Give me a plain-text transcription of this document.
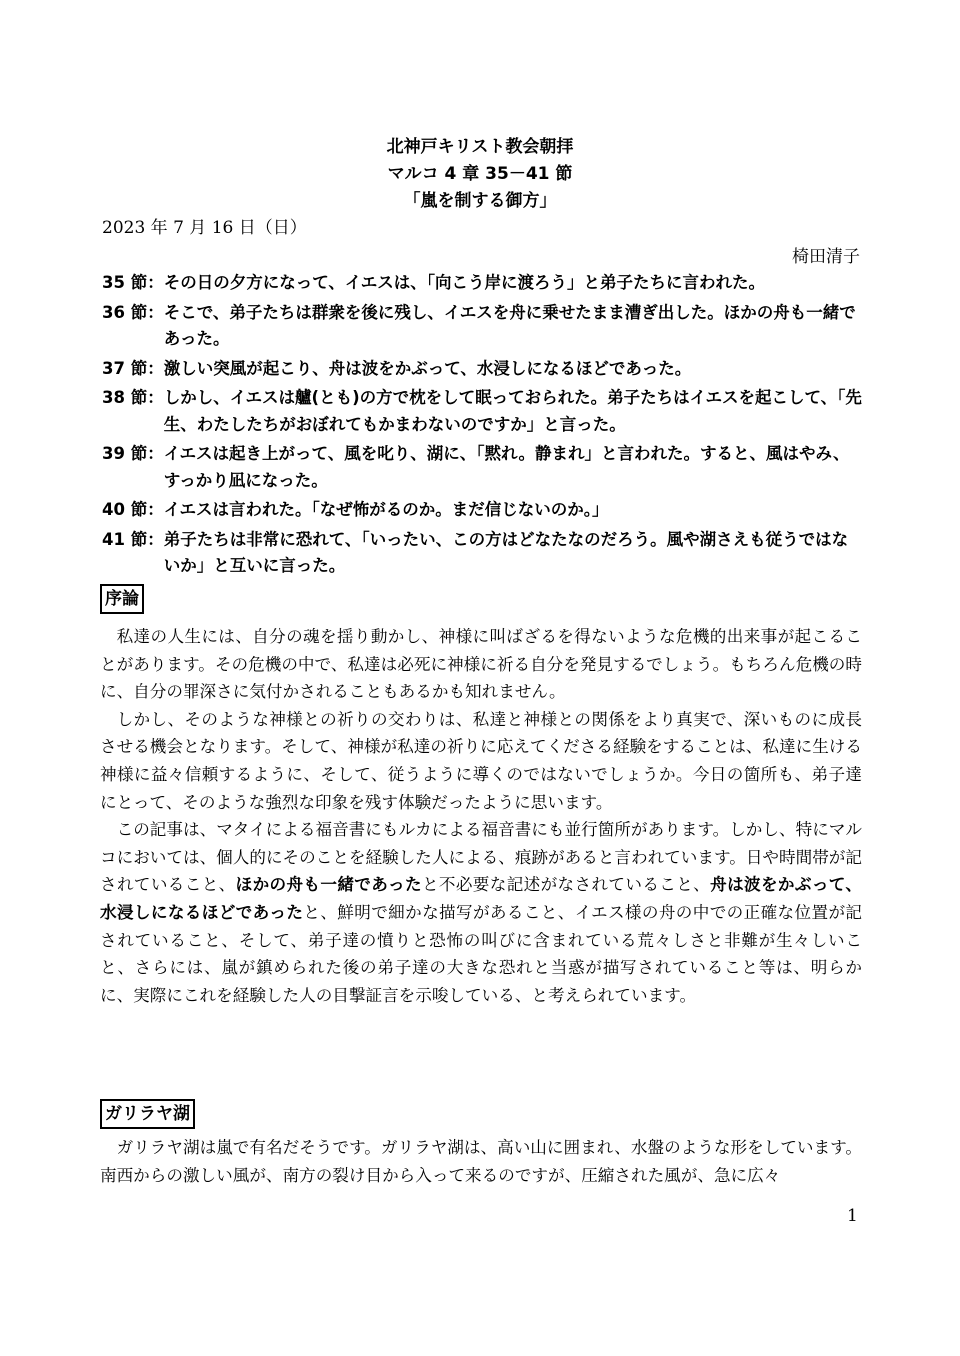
北神戸キリスト教会朝拝
マルコ 4 章 35－41 節
「嵐を制する御方」
2023 年 7 月 16 日（日）
椅田清子
35 節： その日の夕方になって、イエスは、「向こう岸に渡ろう」と弟子たちに言われた。
36 節： そこで、弟子たちは群衆を後に残し、イエスを舟に乗せたまま漕ぎ出した。ほかの舟も一緒であった。
37 節： 激しい突風が起こり、舟は波をかぶって、水浸しになるほどであった。
38 節： しかし、イエスは艫(とも)の方で枕をして眠っておられた。弟子たちはイエスを起こして、「先生、わたしたちがおぼれてもかまわないのですか」と言った。
39 節： イエスは起き上がって、風を叱り、湖に、「黙れ。静まれ」と言われた。すると、風はやみ、すっかり凪になった。
40 節： イエスは言われた。「なぜ怖がるのか。まだ信じないのか。」
41 節： 弟子たちは非常に恐れて、「いったい、この方はどなたなのだろう。風や湖さえも従うではないか」と互いに言った。
序論

私達の人生には、自分の魂を揺り動かし、神様に叫ばざるを得ないような危機的出来事が起こることがあります。その危機の中で、私達は必死に神様に祈る自分を発見するでしょう。もちろん危機の時に、自分の罪深さに気付かされることもあるかも知れません。

しかし、そのような神様との祈りの交わりは、私達と神様との関係をより真実で、深いものに成長させる機会となります。そして、神様が私達の祈りに応えてくださる経験をすることは、私達に生ける神様に益々信頼するように、そして、従うように導くのではないでしょうか。今日の箇所も、弟子達にとって、そのような強烈な印象を残す体験だったように思います。

この記事は、マタイによる福音書にもルカによる福音書にも並行箇所があります。しかし、特にマルコにおいては、個人的にそのことを経験した人による、痕跡があると言われています。日や時間帯が記されていること、ほかの舟も一緒であったと不必要な記述がなされていること、舟は波をかぶって、水浸しになるほどであったと、鮮明で細かな描写があること、イエス様の舟の中での正確な位置が記されていること、そして、弟子達の憤りと恐怖の叫びに含まれている荒々しさと非難が生々しいこと、さらには、嵐が鎮められた後の弟子達の大きな恐れと当惑が描写されていること等は、明らかに、実際にこれを経験した人の目撃証言を示唆している、と考えられています。

ガリラヤ湖

ガリラヤ湖は嵐で有名だそうです。ガリラヤ湖は、高い山に囲まれ、水盤のような形をしています。南西からの激しい風が、南方の裂け目から入って来るのですが、圧縮された風が、急に広々

1
